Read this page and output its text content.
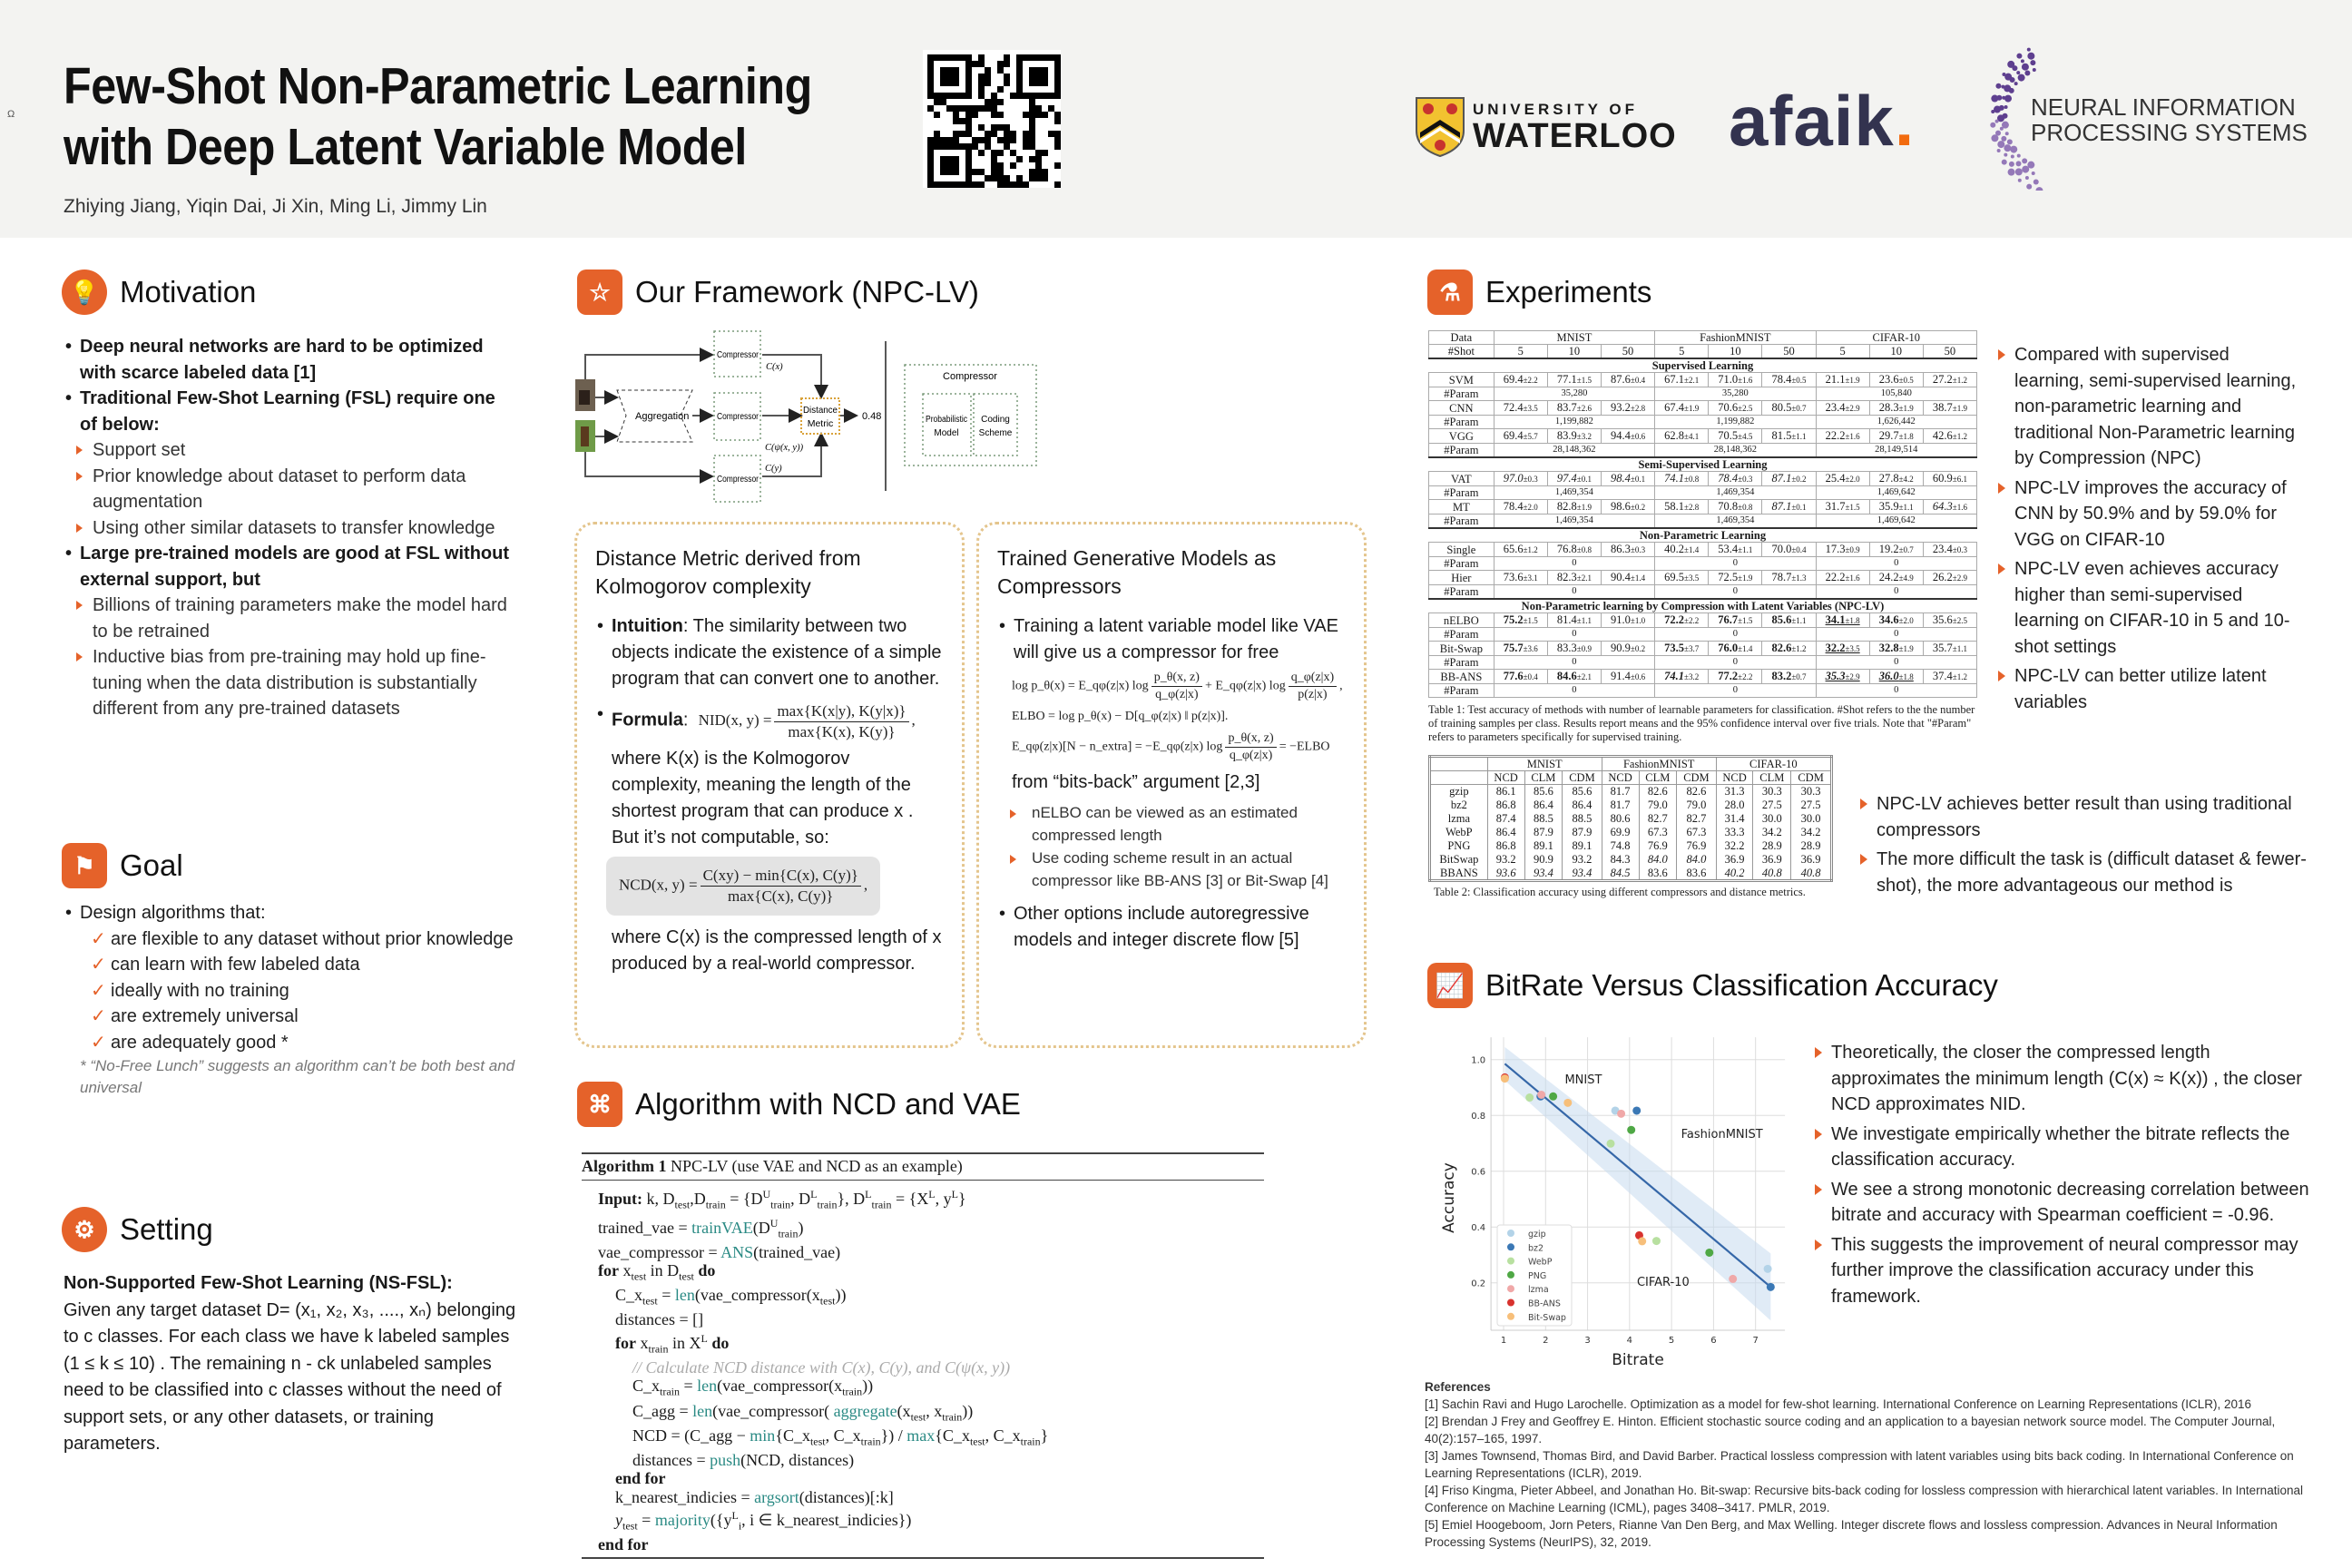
Ω Few-Shot Non-Parametric Learning
with Deep Latent Variable Model
Zhiying Jiang, Yiqin Dai, Ji Xin, Ming Li, Jimmy Lin
UNIVERSITY OF
WATERLOO afaik.	NEURAL INFORMATION
PROCESSING SYSTEMS
💡 Motivation
• Deep neural networks are hard to be optimized with scarce labeled data [1]
• Traditional Few-Shot Learning (FSL) require one of below:
Support set
Prior knowledge about dataset to perform data augmentation
Using other similar datasets to transfer knowledge
• Large pre-trained models are good at FSL without external support, but
Billions of training parameters make the model hard to be retrained
Inductive bias from pre-training may hold up fine-tuning when the data distribution is substantially different from any pre-trained datasets
⚑ Goal
• Design algorithms that:
✓ are flexible to any dataset without prior knowledge
✓ can learn with few labeled data
✓ ideally with no training
✓ are extremely universal
✓ are adequately good *
* “No-Free Lunch” suggests an algorithm can’t be both best and universal
⚙ Setting
Non-Supported Few-Shot Learning (NS-FSL):
Given any target dataset D= (x₁, x₂, x₃, ...., xₙ) belonging to c classes. For each class we have k labeled samples (1 ≤ k ≤ 10) . The remaining n - ck unlabeled samples need to be classified into c classes without the need of support sets, or any other datasets, or training parameters.
☆ Our Framework (NPC-LV)
Compressor
Compressor
Compressor
Aggregation
Distance
Metric
0.48
C(x)
C(ψ(x, y))
C(y)
Compressor
Probabilistic
Model
Coding
Scheme
Distance Metric derived from Kolmogorov complexity
• Intuition: The similarity between two objects indicate the existence of a simple program that can convert one to another.
• Formula:  NID(x, $y) = \frac{\max\{K(x|y), K(y|x)\}}{\max\{K(x), K(y)\}}$ ,
where K(x) is the Kolmogorov complexity, meaning the length of the shortest program that can produce x . But it’s not computable, so:
NCD(x, $y) = \frac{C(xy) - \min\{C(x), C(y)\}}{\max\{C(x), C(y)\}}$ ,
where C(x) is the compressed length of x produced by a real-world compressor.
Trained Generative Models as Compressors
• Training a latent variable model like VAE will give us a compressor for free
log p_θ(x) = E_qφ(z|x) $\log \frac{p\_\theta(x, z)}{q\_\varphi(z|x)}$ + E_qφ(z|x) $\log \frac{q\_\varphi(z|x)}{p(z|x)}$ ,
ELBO = log p_θ(x) − D[q_φ(z|x) ‖ p(z|x)].
E_qφ(z|x)[N − n_extra] = −E_qφ(z|x) $\log \frac{p\_\theta(x, z)}{q\_\varphi(z|x)}$ = −ELBO
from “bits-back” argument [2,3]
nELBO can be viewed as an estimated compressed length
Use coding scheme result in an actual compressor like BB-ANS [3] or Bit-Swap [4]
• Other options include autoregressive models and integer discrete flow [5]
⌘ Algorithm with NCD and VAE
Algorithm 1 NPC-LV (use VAE and NCD as an example)
Input: k, $D_{test},D_{train} = \{D^U_{train}$, $D^L_{train}$}, $D^L_{train} = \{X^L$, $y^L$}
trained_vae = $trainVAE(D^U_{train})$
vae_compressor = ANS(trained_vae)
for $x_{test}$ in $D_{test}$ do
$C\_x_{test}$ = $len(vae\_compressor(x_{test}))$
distances = []
for $x_{train}$ in $X^L$ do
// Calculate NCD distance with C(x), C(y), and C(ψ(x, y))
$C\_x_{train}$ = $len(vae\_compressor(x_{train}))$
C_agg = len(vae_compressor( $aggregate(x_{test}$, $x_{train}$))
NCD = (C_agg − $\min\{C\_x_{test}$, $C\_x_{train}$}) / $\max\{C\_x_{test}$, $C\_x_{train}$}
distances = push(NCD, distances)
end for
k_nearest_indicies = argsort(distances)[:k]
$y_{test}$ = $majority(\{y^L_i$, i ∈ k_nearest_indicies})
end for
⚗ Experiments
Data	MNIST			FashionMNIST			CIFAR-10		
#Shot	5	10	50	5	10	50	5	10	50
Supervised Learning									
SVM	69.4±2.2	77.1±1.5	87.6±0.4	67.1±2.1	71.0±1.6	78.4±0.5	21.1±1.9	23.6±0.5	27.2±1.2
#Param	35,280			35,280			105,840		
CNN	72.4±3.5	83.7±2.6	93.2±2.8	67.4±1.9	70.6±2.5	80.5±0.7	23.4±2.9	28.3±1.9	38.7±1.9
#Param	1,199,882			1,199,882			1,626,442		
VGG	69.4±5.7	83.9±3.2	94.4±0.6	62.8±4.1	70.5±4.5	81.5±1.1	22.2±1.6	29.7±1.8	42.6±1.2
#Param	28,148,362			28,148,362			28,149,514		
Semi-Supervised Learning									
VAT	97.0±0.3	97.4±0.1	98.4±0.1	74.1±0.8	78.4±0.3	87.1±0.2	25.4±2.0	27.8±4.2	60.9±6.1
#Param	1,469,354			1,469,354			1,469,642		
MT	78.4±2.0	82.8±1.9	98.6±0.2	58.1±2.8	70.8±0.8	87.1±0.1	31.7±1.5	35.9±1.1	64.3±1.6
#Param	1,469,354			1,469,354			1,469,642		
Non-Parametric Learning									
Single	65.6±1.2	76.8±0.8	86.3±0.3	40.2±1.4	53.4±1.1	70.0±0.4	17.3±0.9	19.2±0.7	23.4±0.3
#Param	0			0			0		
Hier	73.6±3.1	82.3±2.1	90.4±1.4	69.5±3.5	72.5±1.9	78.7±1.3	22.2±1.6	24.2±4.9	26.2±2.9
#Param	0			0			0		
Non-Parametric learning by Compression with Latent Variables (NPC-LV)									
nELBO	75.2±1.5	81.4±1.1	91.0±1.0	72.2±2.2	76.7±1.5	85.6±1.1	34.1±1.8	34.6±2.0	35.6±2.5
#Param	0			0			0		
Bit-Swap	75.7±3.6	83.3±0.9	90.9±0.2	73.5±3.7	76.0±1.4	82.6±1.2	32.2±3.5	32.8±1.9	35.7±1.1
#Param	0			0			0		
BB-ANS	77.6±0.4	84.6±2.1	91.4±0.6	74.1±3.2	77.2±2.2	83.2±0.7	35.3±2.9	36.0±1.8	37.4±1.2
#Param	0			0			0		
Table 1: Test accuracy of methods with number of learnable parameters for classification. #Shot refers to the the number of training samples per class. Results report means and the 95% confidence interval over five trials. Note that "#Param" refers to parameters specifically for supervised training.
	MNIST			FashionMNIST			CIFAR-10		
	NCD	CLM	CDM	NCD	CLM	CDM	NCD	CLM	CDM
gzip	86.1	85.6	85.6	81.7	82.6	82.6	31.3	30.3	30.3
bz2	86.8	86.4	86.4	81.7	79.0	79.0	28.0	27.5	27.5
lzma	87.4	88.5	88.5	80.6	82.7	82.7	31.4	30.0	30.0
WebP	86.4	87.9	87.9	69.9	67.3	67.3	33.3	34.2	34.2
PNG	86.8	89.1	89.1	74.8	76.9	76.9	32.2	28.9	28.9
BitSwap	93.2	90.9	93.2	84.3	84.0	84.0	36.9	36.9	36.9
BBANS	93.6	93.4	93.4	84.5	83.6	83.6	40.2	40.8	40.8
Table 2: Classification accuracy using different compressors and distance metrics.
Compared with supervised learning, semi-supervised learning, non-parametric learning and traditional Non-Parametric learning by Compression (NPC)
NPC-LV improves the accuracy of CNN by 50.9% and by 59.0% for VGG on CIFAR-10
NPC-LV even achieves accuracy higher than semi-supervised learning on CIFAR-10 in 5 and 10-shot settings
NPC-LV can better utilize latent variables
NPC-LV achieves better result than using traditional compressors
The more difficult the task is (difficult dataset & fewer-shot), the more advantageous our method is
📈 BitRate Versus Classification Accuracy
1	2	3	4	5	6	7
0.2
0.4
0.6
0.8
1.0
MNIST
FashionMNIST
CIFAR-10
gzip
bz2
WebP
PNG
lzma
BB-ANS
Bit-Swap
Bitrate
Accuracy
Theoretically, the closer the compressed length approximates the minimum length (C(x) ≈ K(x)) , the closer NCD approximates NID.
We investigate empirically whether the bitrate reflects the classification accuracy.
We see a strong monotonic decreasing correlation between bitrate and accuracy with Spearman coefficient = -0.96.
This suggests the improvement of neural compressor may further improve the classification accuracy under this framework.
References
[1] Sachin Ravi and Hugo Larochelle. Optimization as a model for few-shot learning. International Conference on Learning Representations (ICLR), 2016
[2] Brendan J Frey and Geoffrey E. Hinton. Efficient stochastic source coding and an application to a bayesian network source model. The Computer Journal, 40(2):157–165, 1997.
[3] James Townsend, Thomas Bird, and David Barber. Practical lossless compression with latent variables using bits back coding. In International Conference on Learning Representations (ICLR), 2019.
[4] Friso Kingma, Pieter Abbeel, and Jonathan Ho. Bit-swap: Recursive bits-back coding for lossless compression with hierarchical latent variables. In International Conference on Machine Learning (ICML), pages 3408–3417. PMLR, 2019.
[5] Emiel Hoogeboom, Jorn Peters, Rianne Van Den Berg, and Max Welling. Integer discrete flows and lossless compression. Advances in Neural Information Processing Systems (NeurIPS), 32, 2019.
